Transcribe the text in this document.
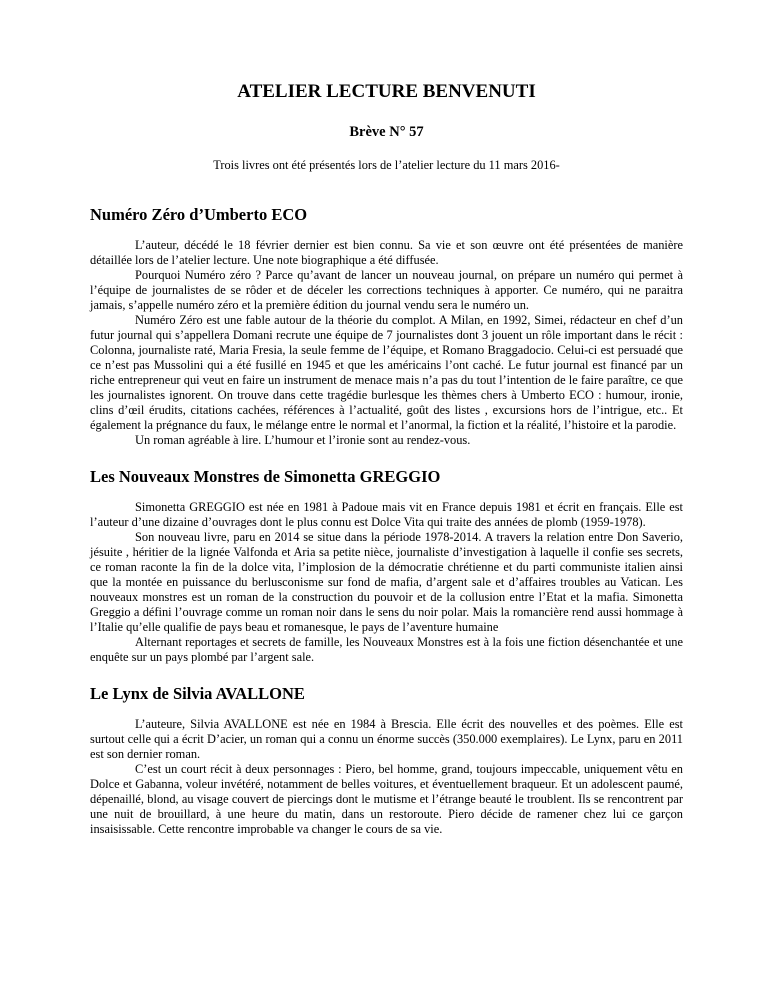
ATELIER LECTURE BENVENUTI
Brève N° 57

Trois livres ont été présentés lors de l’atelier lecture du 11 mars 2016-

Numéro Zéro d’Umberto ECO

L’auteur, décédé le 18 février dernier est bien connu. Sa vie et son œuvre ont été présentées de manière détaillée lors de l’atelier lecture. Une note biographique a été diffusée.

Pourquoi Numéro zéro ? Parce qu’avant de lancer un nouveau journal, on prépare un numéro qui permet à l’équipe de journalistes de se rôder et de déceler les corrections techniques à apporter. Ce numéro, qui ne paraitra jamais, s’appelle numéro zéro et la première édition du journal vendu sera le numéro un.

Numéro Zéro est une fable autour de la théorie du complot. A Milan, en 1992, Simei, rédacteur en chef d’un futur journal qui s’appellera Domani recrute une équipe de 7 journalistes dont 3 jouent un rôle important dans le récit : Colonna, journaliste raté, Maria Fresia, la seule femme de l’équipe, et Romano Braggadocio. Celui-ci est persuadé que ce n’est pas Mussolini qui a été fusillé en 1945 et que les américains l’ont caché. Le futur journal est financé par un riche entrepreneur qui veut en faire un instrument de menace mais n’a pas du tout l’intention de le faire paraître, ce que les journalistes ignorent. On trouve dans cette tragédie burlesque les thèmes chers à Umberto ECO : humour, ironie, clins d’œil érudits, citations cachées, références à l’actualité, goût des listes , excursions hors de l’intrigue, etc.. Et également la prégnance du faux, le mélange entre le normal et l’anormal, la fiction et la réalité, l’histoire et la parodie.

Un roman agréable à lire. L’humour et l’ironie sont au rendez-vous.

Les Nouveaux Monstres de Simonetta GREGGIO

Simonetta GREGGIO est née en 1981 à Padoue mais vit en France depuis 1981 et écrit en français. Elle est l’auteur d’une dizaine d’ouvrages dont le plus connu est Dolce Vita qui traite des années de plomb (1959-1978).

Son nouveau livre, paru en 2014 se situe dans la période 1978-2014. A travers la relation entre Don Saverio, jésuite , héritier de la lignée Valfonda et Aria sa petite nièce, journaliste d’investigation à laquelle il confie ses secrets, ce roman raconte la fin de la dolce vita, l’implosion de la démocratie chrétienne et du parti communiste italien ainsi que la montée en puissance du berlusconisme sur fond de mafia, d’argent sale et d’affaires troubles au Vatican. Les nouveaux monstres est un roman de la construction du pouvoir et de la collusion entre l’Etat et la mafia. Simonetta Greggio a défini l’ouvrage comme un roman noir dans le sens du noir polar. Mais la romancière rend aussi hommage à l’Italie qu’elle qualifie de pays beau et romanesque, le pays de l’aventure humaine

Alternant reportages et secrets de famille, les Nouveaux Monstres est à la fois une fiction désenchantée et une enquête sur un pays plombé par l’argent sale.

Le Lynx de Silvia AVALLONE

L’auteure, Silvia AVALLONE est née en 1984 à Brescia. Elle écrit des nouvelles et des poèmes. Elle est surtout celle qui a écrit D’acier, un roman qui a connu un énorme succès (350.000 exemplaires). Le Lynx, paru en 2011 est son dernier roman.

C’est un court récit à deux personnages : Piero, bel homme, grand, toujours impeccable, uniquement vêtu en Dolce et Gabanna, voleur invétéré, notamment de belles voitures, et éventuellement braqueur. Et un adolescent paumé, dépenaillé, blond, au visage couvert de piercings dont le mutisme et l’étrange beauté le troublent. Ils se rencontrent par une nuit de brouillard, à une heure du matin, dans un restoroute. Piero décide de ramener chez lui ce garçon insaisissable. Cette rencontre improbable va changer le cours de sa vie.
